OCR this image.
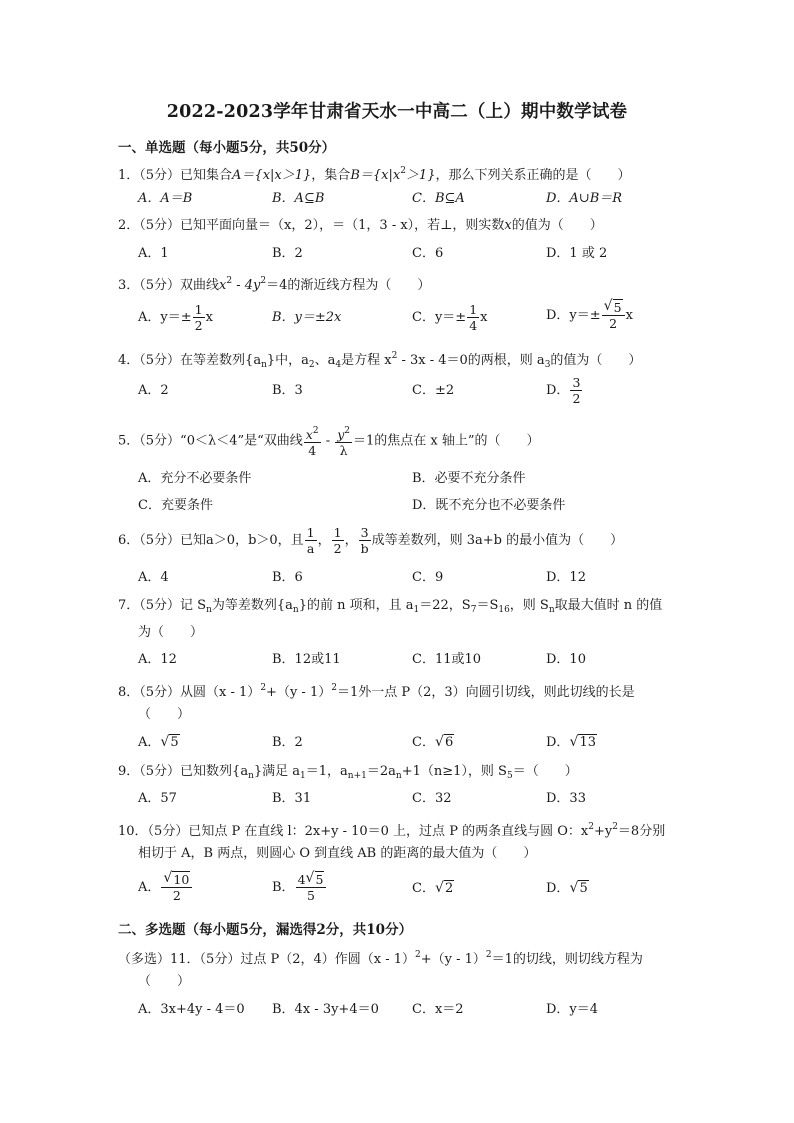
2022-2023学年甘肃省天水一中高二（上）期中数学试卷
一、单选题（每小题5分，共50分）
1．（5分）已知集合A＝{x|x＞1}，集合$B=\{x|x^2>1\}$，那么下列关系正确的是（　　）
A．A＝B	B．A⊆B	C．B⊆A	D．A∪B＝R
2．（5分）已知平面向量＝（x，2），＝（1，3 - x），若⊥，则实数x的值为（　　）
A．1	B．2	C．6	D．1 或 2
3．（5分）双曲线$x^2 - 4y^2=4$的渐近线方程为（　　）
A．$y=\pm \frac{1}{2}$ x	B．y＝±2x	C．$y=\pm \frac{1}{4}$ x	D．y＝± √ $\frac{5}{2}$ x
4．（5分）在等差数列$\{a_n\}$中，$a_2$、$a_4$是方程 $x^2 - 3x - 4=0$的两根，则 $a_3$的值为（　　）
A．2	B．3	C．±2	D． $\frac{3}{2}$
5．（5分）“0＜λ＜4”是“双曲线 $\frac{x^2}{4} - \frac{y^2}{\lambda} =1$的焦点在 x 轴上”的（　　）
A．充分不必要条件	B．必要不充分条件
C．充要条件	D．既不充分也不必要条件
6．（5分）已知a＞0，b＞0，且 $\frac{1}{a}$ ， $\frac{1}{2}$ ， $\frac{3}{b}$ 成等差数列，则 3a+b 的最小值为（　　）
A．4	B．6	C．9	D．12
7．（5分）记 $S_n$为等差数列$\{a_n\}$的前 n 项和，且 $a_1=22$，$S_7=S_{16}$，则 $S_n$取最大值时 n 的值
为（　　）
A．12	B．12或11	C．11或10	D．10
8．（5分）从圆（x - 1）$^2$+（y - 1）$^2$＝1外一点 P（2，3）向圆引切线，则此切线的长是
（　　）
A． √ 5	B．2	C． √ 6	D． √ 13
9．（5分）已知数列$\{a_n\}$满足 $a_1=1$，$a_{n+1}=2a_n+1(n\ge 1)$，则 $S_5=$（　　）
A．57	B．31	C．32	D．33
10．（5分）已知点 P 在直线 l：2x+y - 10＝0 上，过点 P 的两条直线与圆 O：$x^2+y^2=8$分别
相切于 A，B 两点，则圆心 O 到直线 AB 的距离的最大值为（　　）
A． √ $\frac{10}{2}$	B． $\frac{4 √ 5}{5}$	C． √ 2	D． √ 5
二、多选题（每小题5分，漏选得2分，共10分）
（多选）11．（5分）过点 P（2，4）作圆（x - 1）$^2$+（y - 1）$^2$＝1的切线，则切线方程为
（　　）
A．3x+4y - 4＝0 B．4x - 3y+4＝0	C．x＝2	D．y＝4
